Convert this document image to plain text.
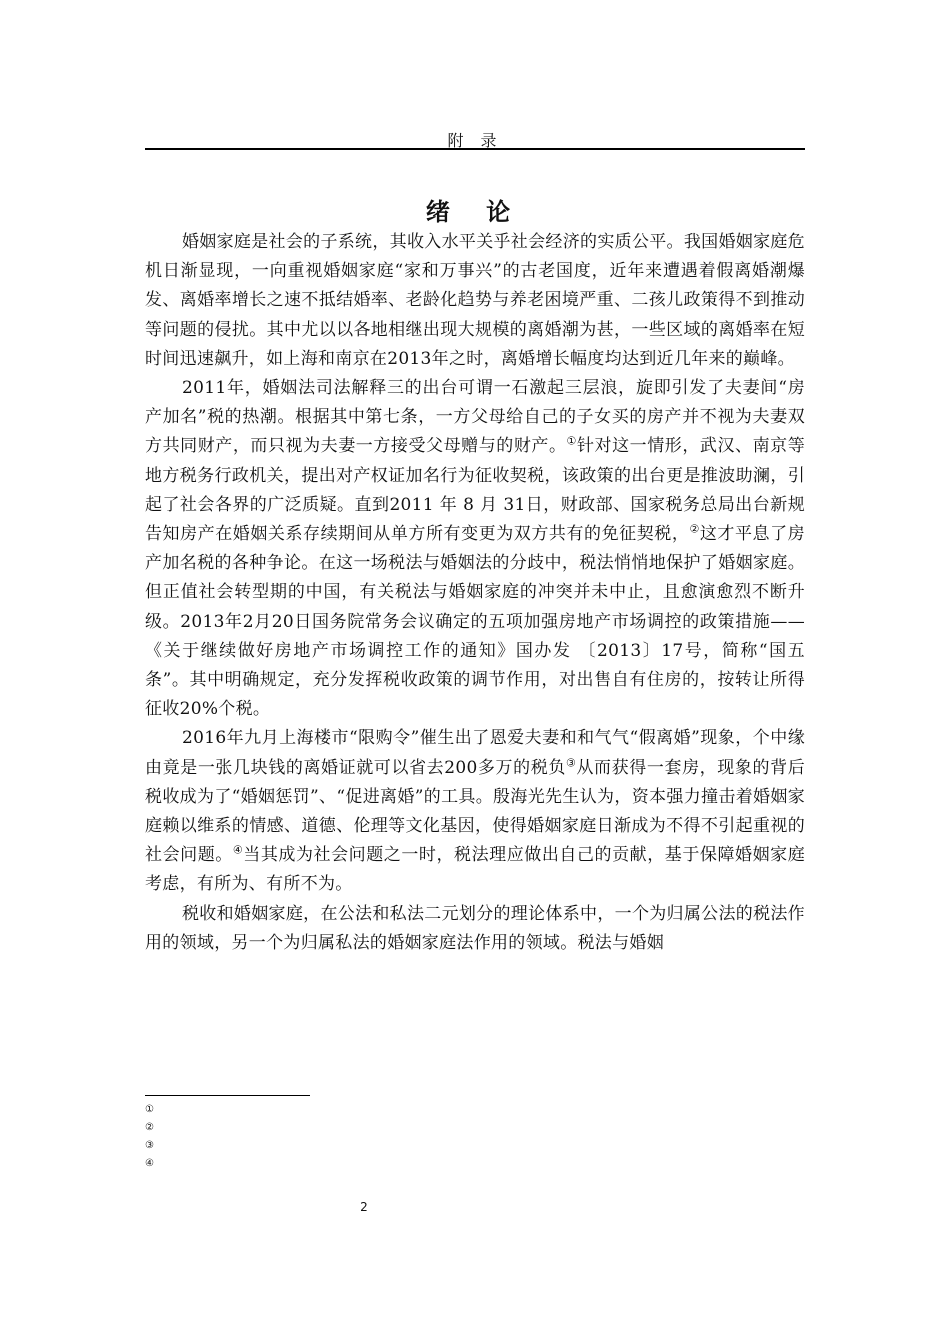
附 录
绪 论

婚姻家庭是社会的子系统，其收入水平关乎社会经济的实质公平。我国婚姻家庭危机日渐显现，一向重视婚姻家庭“家和万事兴”的古老国度，近年来遭遇着假离婚潮爆发、离婚率增长之速不抵结婚率、老龄化趋势与养老困境严重、二孩儿政策得不到推动等问题的侵扰。其中尤以以各地相继出现大规模的离婚潮为甚，一些区域的离婚率在短时间迅速飙升，如上海和南京在2013年之时，离婚增长幅度均达到近几年来的巅峰。

2011年，婚姻法司法解释三的出台可谓一石激起三层浪，旋即引发了夫妻间“房产加名”税的热潮。根据其中第七条，一方父母给自己的子女买的房产并不视为夫妻双方共同财产，而只视为夫妻一方接受父母赠与的财产。①针对这一情形，武汉、南京等地方税务行政机关，提出对产权证加名行为征收契税，该政策的出台更是推波助澜，引起了社会各界的广泛质疑。直到2011 年 8 月 31日，财政部、国家税务总局出台新规告知房产在婚姻关系存续期间从单方所有变更为双方共有的免征契税，②这才平息了房产加名税的各种争论。在这一场税法与婚姻法的分歧中，税法悄悄地保护了婚姻家庭。但正值社会转型期的中国，有关税法与婚姻家庭的冲突并未中止，且愈演愈烈不断升级。2013年2月20日国务院常务会议确定的五项加强房地产市场调控的政策措施——《关于继续做好房地产市场调控工作的通知》国办发 〔2013〕17号，简称“国五条”。其中明确规定，充分发挥税收政策的调节作用，对出售自有住房的，按转让所得征收20%个税。

2016年九月上海楼市“限购令”催生出了恩爱夫妻和和气气“假离婚”现象，个中缘由竟是一张几块钱的离婚证就可以省去200多万的税负③从而获得一套房，现象的背后税收成为了“婚姻惩罚”、“促进离婚”的工具。殷海光先生认为，资本强力撞击着婚姻家庭赖以维系的情感、道德、伦理等文化基因，使得婚姻家庭日渐成为不得不引起重视的社会问题。④当其成为社会问题之一时，税法理应做出自己的贡献，基于保障婚姻家庭考虑，有所为、有所不为。

税收和婚姻家庭，在公法和私法二元划分的理论体系中，一个为归属公法的税法作用的领域，另一个为归属私法的婚姻家庭法作用的领域。税法与婚姻

①
②
③
④
2
